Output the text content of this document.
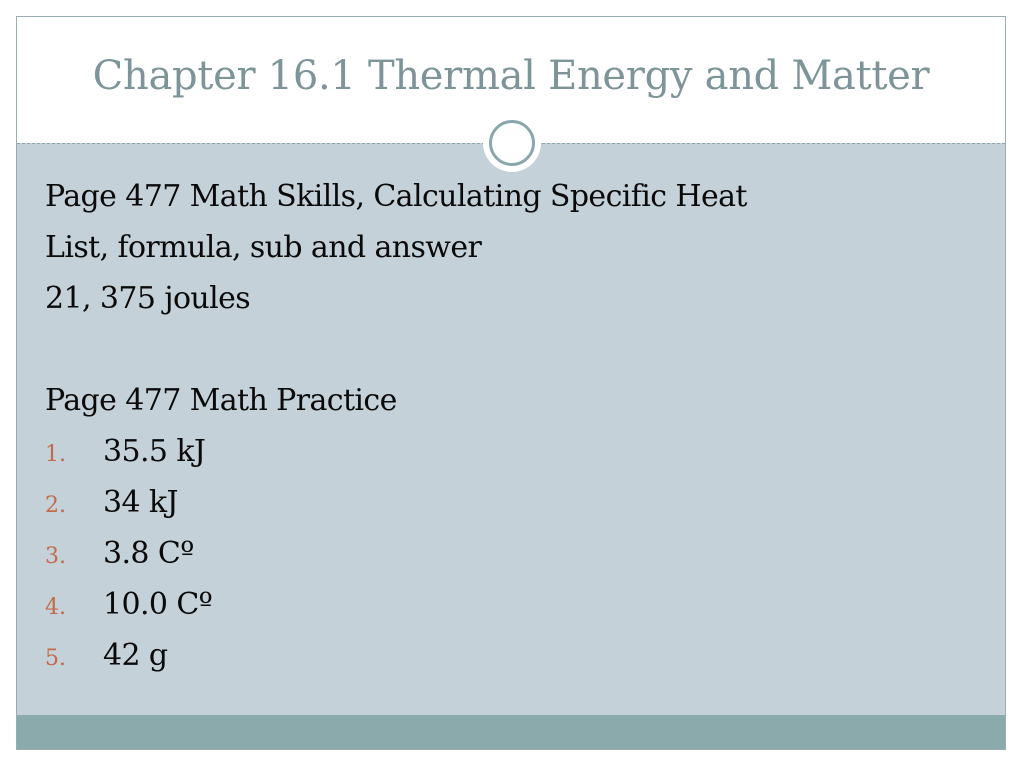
Chapter 16.1 Thermal Energy and Matter
Page 477 Math Skills, Calculating Specific Heat
List, formula, sub and answer
21, 375 joules
Page 477 Math Practice
1. 35.5 kJ
2. 34 kJ
3. 3.8 Cº
4. 10.0 Cº
5. 42 g
